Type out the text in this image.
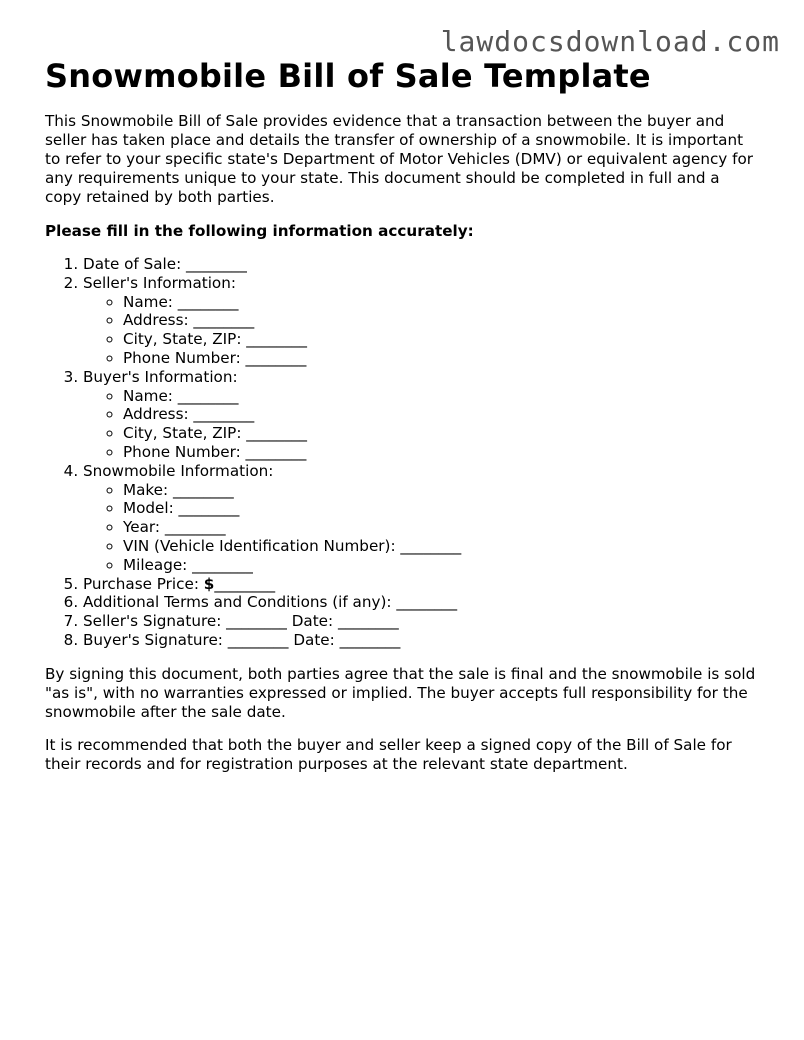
lawdocsdownload.com
Snowmobile Bill of Sale Template

This Snowmobile Bill of Sale provides evidence that a transaction between the buyer and seller has taken place and details the transfer of ownership of a snowmobile. It is important to refer to your specific state's Department of Motor Vehicles (DMV) or equivalent agency for any requirements unique to your state. This document should be completed in full and a copy retained by both parties.

Please fill in the following information accurately:

1. Date of Sale: ________
2. Seller's Information:
◦ Name: ________
◦ Address: ________
◦ City, State, ZIP: ________
◦ Phone Number: ________
3. Buyer's Information:
◦ Name: ________
◦ Address: ________
◦ City, State, ZIP: ________
◦ Phone Number: ________
4. Snowmobile Information:
◦ Make: ________
◦ Model: ________
◦ Year: ________
◦ VIN (Vehicle Identification Number): ________
◦ Mileage: ________
5. Purchase Price: $________
6. Additional Terms and Conditions (if any): ________
7. Seller's Signature: ________ Date: ________
8. Buyer's Signature: ________ Date: ________

By signing this document, both parties agree that the sale is final and the snowmobile is sold "as is", with no warranties expressed or implied. The buyer accepts full responsibility for the snowmobile after the sale date.

It is recommended that both the buyer and seller keep a signed copy of the Bill of Sale for their records and for registration purposes at the relevant state department.
